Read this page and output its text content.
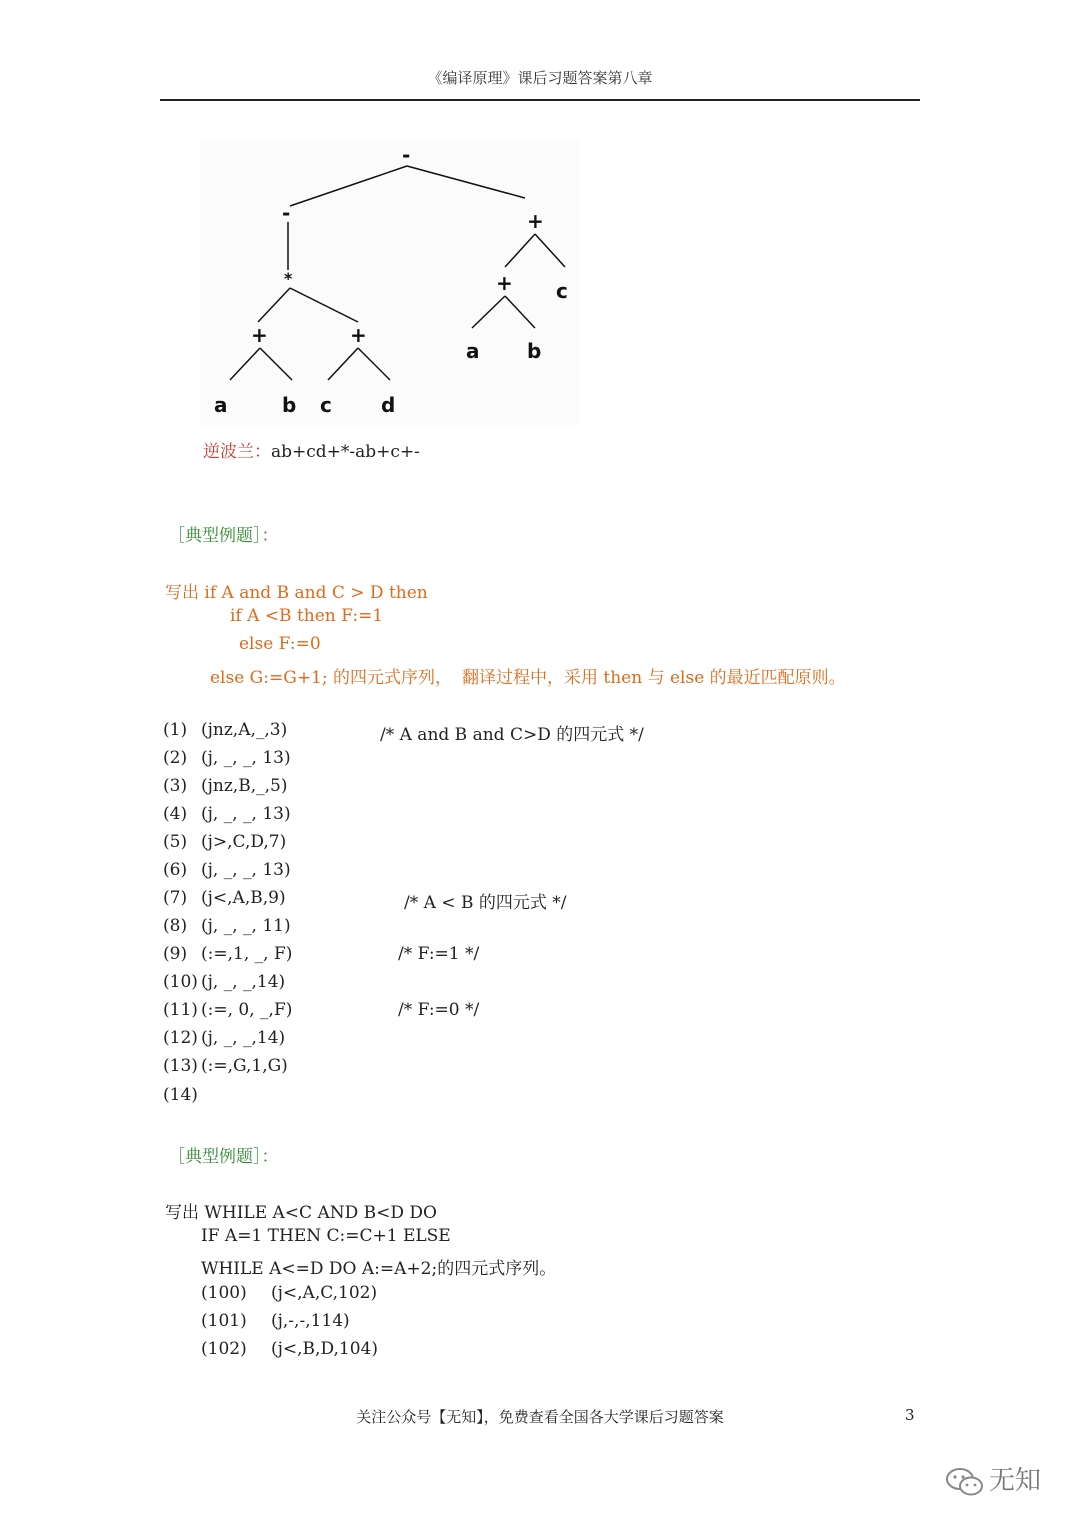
《编译原理》课后习题答案第八章
-
-	+
*	+ c
a b
+	+
a	b c d
逆波兰：ab+cd+*-ab+c+-
［典型例题］：
写出 if A and B and C > D then
if A <B then F:=1
else F:=0
else G:=G+1; 的四元式序列， 翻译过程中，采用 then 与 else 的最近匹配原则。
(1) (jnz,A,_,3)	/* A and B and C>D 的四元式 */
(2) (j, _, _, 13)
(3) (jnz,B,_,5)
(4) (j, _, _, 13)
(5) (j>,C,D,7)
(6) (j, _, _, 13)
(7) (j<,A,B,9)	/* A < B 的四元式 */
(8) (j, _, _, 11)
(9) (:=,1, _, F)	/* F:=1 */
(10) (j, _, _,14)
(11) (:=, 0, _,F)	/* F:=0 */
(12) (j, _, _,14)
(13) (:=,G,1,G)
(14)
［典型例题］：
写出 WHILE A<C AND B<D DO
IF A=1 THEN C:=C+1 ELSE
WHILE A<=D DO A:=A+2;的四元式序列。
(100) (j<,A,C,102)
(101) (j,-,-,114)
(102) (j<,B,D,104)
关注公众号【无知】，免费查看全国各大学课后习题答案	3
无知
